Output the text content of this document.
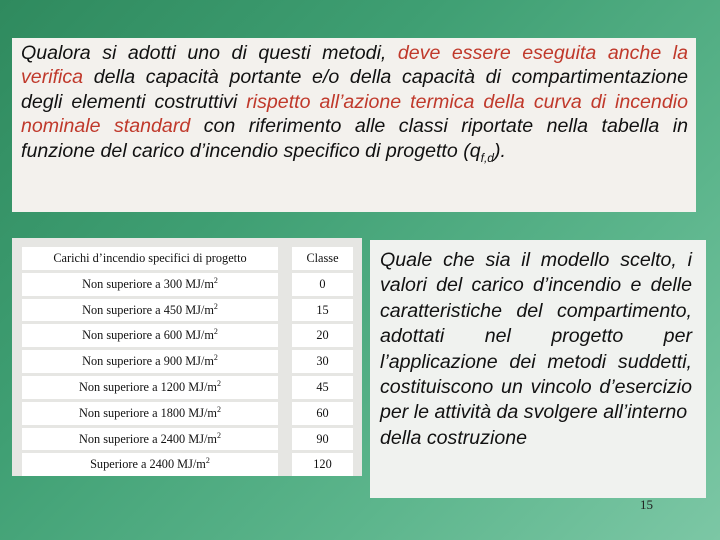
Qualora si adotti uno di questi metodi, deve essere eseguita anche la verifica della capacità portante e/o della capacità di compartimentazione degli elementi costruttivi rispetto all’azione termica della curva di incendio nominale standard con riferimento alle classi riportate nella tabella in funzione del carico d’incendio specifico di progetto $(q_{f,d})$.
Carichi d’incendio specifici di progetto	Classe

Non superiore a 300 $MJ/m^2$	0

Non superiore a 450 $MJ/m^2$	15

Non superiore a 600 $MJ/m^2$	20

Non superiore a 900 $MJ/m^2$	30

Non superiore a 1200 $MJ/m^2$	45

Non superiore a 1800 $MJ/m^2$	60

Non superiore a 2400 $MJ/m^2$	90

Superiore a 2400 $MJ/m^2$	120
Quale che sia il modello scelto, i valori del carico d’incendio e delle caratteristiche del compartimento, adottati nel progetto per l’applicazione dei metodi suddetti, costituiscono un vincolo d’esercizio per le attività da svolgere all’interno
della costruzione
15
